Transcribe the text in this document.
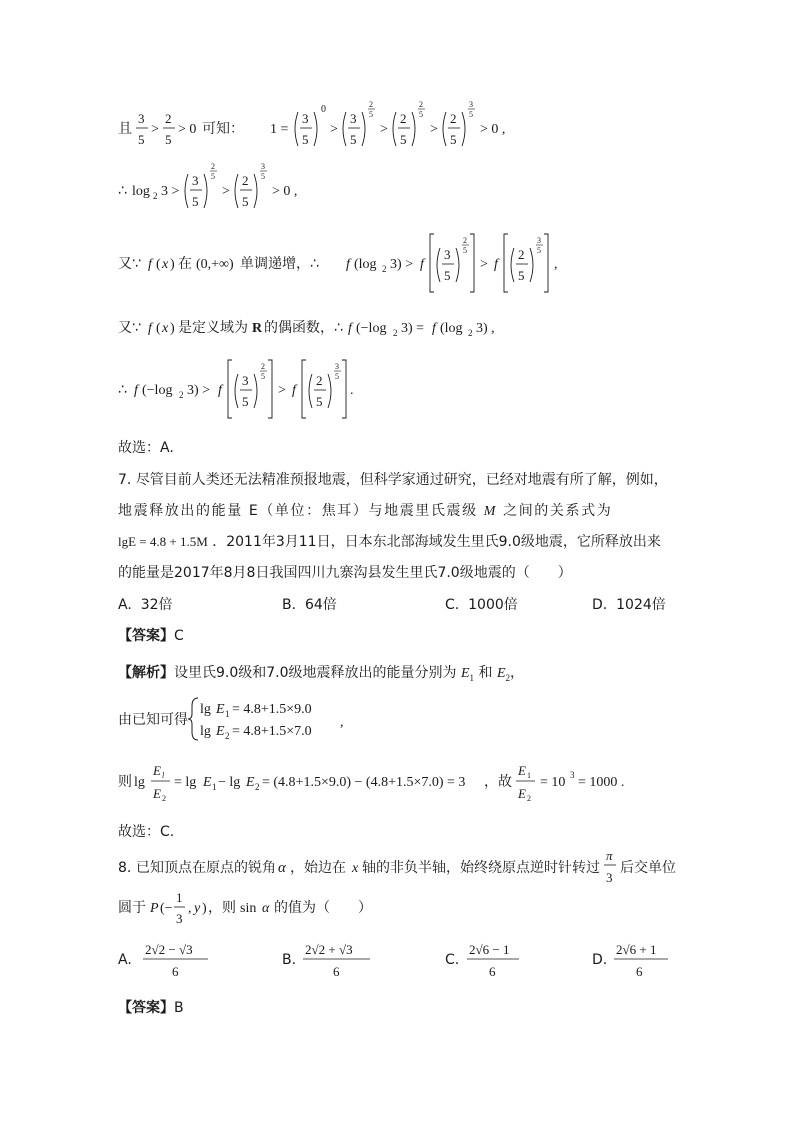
且
3
5
>
2
5
> 0 可知： 1 =
3
5
0
>
3
5
2
5
>
2
5
2
5
>
2
5
3
5
> 0 ,
∴ log 2 3 >
3
5
2
5
>
2
5
3
5
> 0 ,
又∵ f ( x ) 在 (0,+∞) 单调递增，∴ f (log 2 3) > f
3
5
2
5
> f
2
5
3
5
,
又∵ f ( x ) 是定义域为 R 的偶函数，∴ f (−log 2 3) = f (log 2 3) ,
∴ f (−log 2 3) > f
3
5
2
5
> f
2
5
3
5
.
故选：A.
7. 尽管目前人类还无法精准预报地震，但科学家通过研究，已经对地震有所了解，例如，
地震释放出的能量 E（单位：焦耳）与地震里氏震级 M 之间的关系式为
lgE = 4.8 + 1.5M ．2011年3月11日，日本东北部海域发生里氏9.0级地震，它所释放出来
的能量是2017年8月8日我国四川九寨沟县发生里氏7.0级地震的（　　）
A. 32倍	B. 64倍	C. 1000倍	D. 1024倍
【答案】C
【解析】设里氏9.0级和7.0级地震释放出的能量分别为 $E_1$ 和 $E_2$，
由已知可得
lg E 1 = 4.8+1.5×9.0
lg E 2 = 4.8+1.5×7.0
,
则 lg
E l
E 2
= lg E 1 − lg E 2 = (4.8+1.5×9.0) − (4.8+1.5×7.0) = 3 ，故
E 1
E 2
= 10 3 = 1000 .
故选：C.
8. 已知顶点在原点的锐角 α ，始边在 x 轴的非负半轴，始终绕原点逆时针转过
π
3
后交单位
圆于 P (−
1
3
, y ) ，则 sin α 的值为（　　）
A.
2√2 − √3
6
B.
2√2 + √3
6
C.
2√6 − 1
6
D.
2√6 + 1
6
【答案】B
